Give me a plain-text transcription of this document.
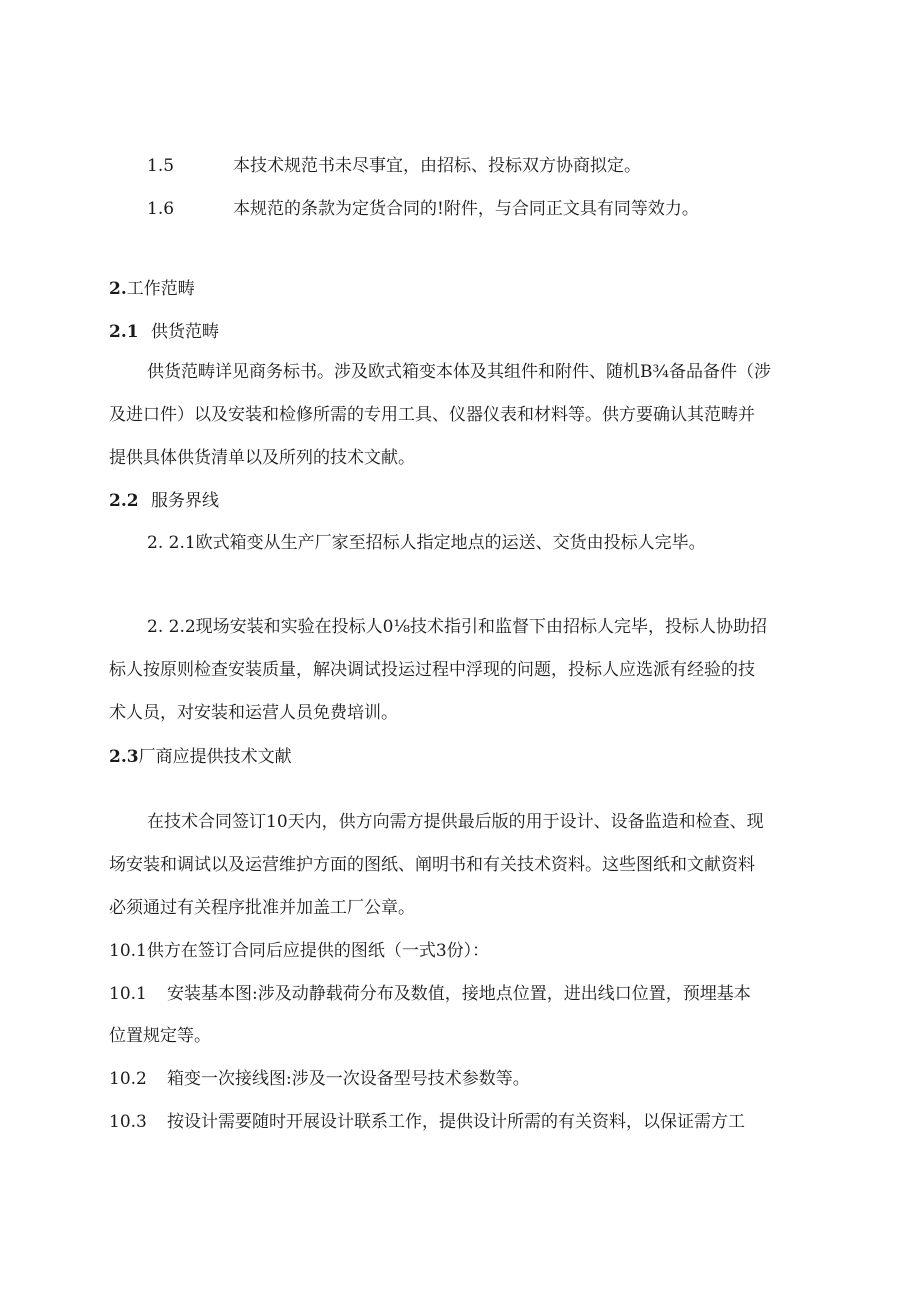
1.5	本技术规范书未尽事宜，由招标、投标双方协商拟定。
1.6	本规范的条款为定货合同的!附件，与合同正文具有同等效力。
2.工作范畴
2.1 供货范畴
供货范畴详见商务标书。涉及欧式箱变本体及其组件和附件、随机B¾备品备件（涉
及进口件）以及安装和检修所需的专用工具、仪器仪表和材料等。供方要确认其范畴并
提供具体供货清单以及所列的技术文献。
2.2 服务界线
2. 2.1欧式箱变从生产厂家至招标人指定地点的运送、交货由投标人完毕。
2. 2.2现场安装和实验在投标人0⅛技术指引和监督下由招标人完毕，投标人协助招
标人按原则检查安装质量，解决调试投运过程中浮现的问题，投标人应选派有经验的技
术人员，对安装和运营人员免费培训。
2.3厂商应提供技术文献
在技术合同签订10天内，供方向需方提供最后版的用于设计、设备监造和检查、现
场安装和调试以及运营维护方面的图纸、阐明书和有关技术资料。这些图纸和文献资料
必须通过有关程序批准并加盖工厂公章。
10.1供方在签订合同后应提供的图纸（一式3份）：
10.1 安装基本图:涉及动静载荷分布及数值，接地点位置，进出线口位置，预埋基本
位置规定等。
10.2 箱变一次接线图:涉及一次设备型号技术参数等。
10.3 按设计需要随时开展设计联系工作，提供设计所需的有关资料，以保证需方工
